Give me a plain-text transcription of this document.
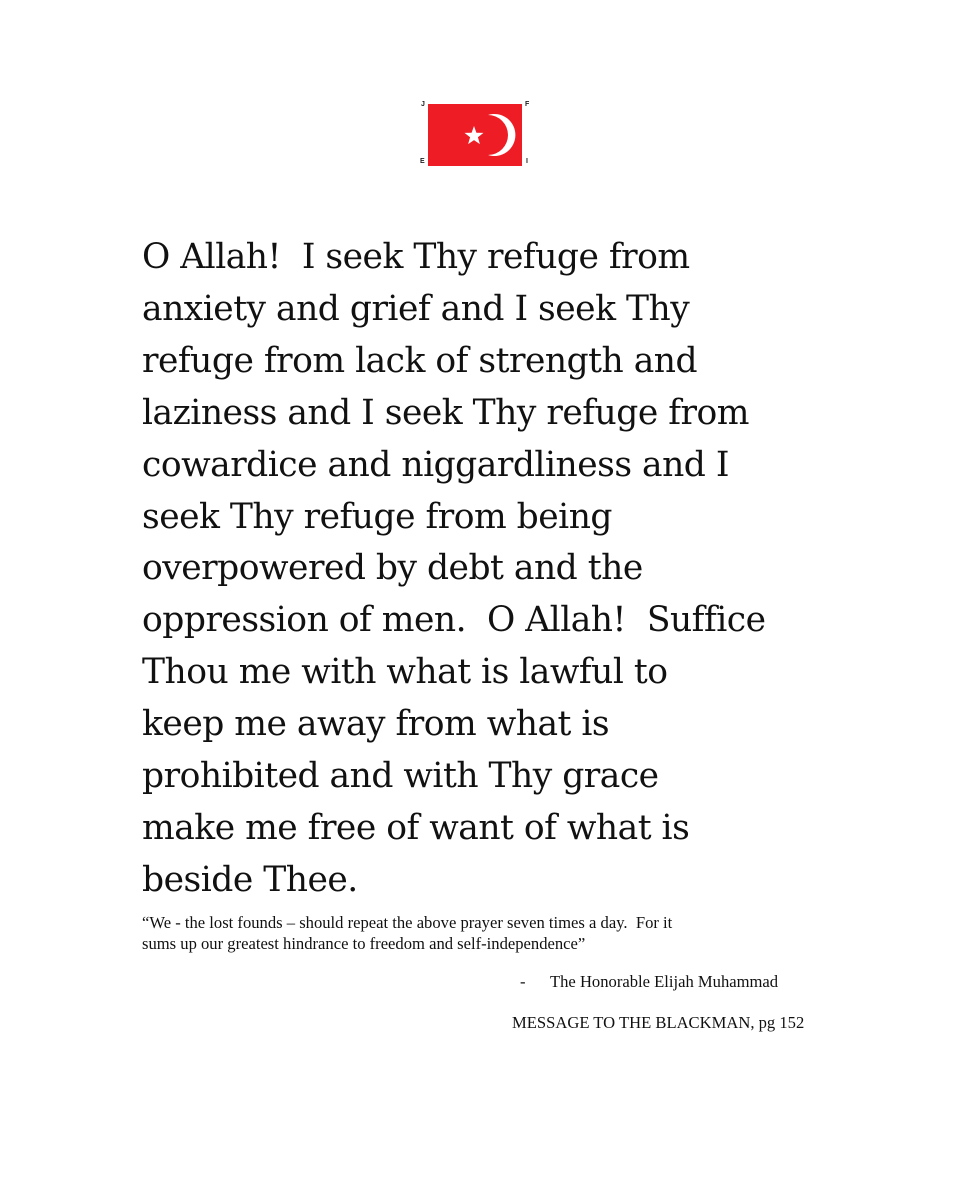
J	F
E	I
O Allah!  I seek Thy refuge from
anxiety and grief and I seek Thy
refuge from lack of strength and
laziness and I seek Thy refuge from
cowardice and niggardliness and I
seek Thy refuge from being
overpowered by debt and the
oppression of men.  O Allah!  Suffice
Thou me with what is lawful to
keep me away from what is
prohibited and with Thy grace
make me free of want of what is
beside Thee.
“We - the lost founds – should repeat the above prayer seven times a day.  For it
sums up our greatest hindrance to freedom and self-independence”
- The Honorable Elijah Muhammad
MESSAGE TO THE BLACKMAN, pg 152
